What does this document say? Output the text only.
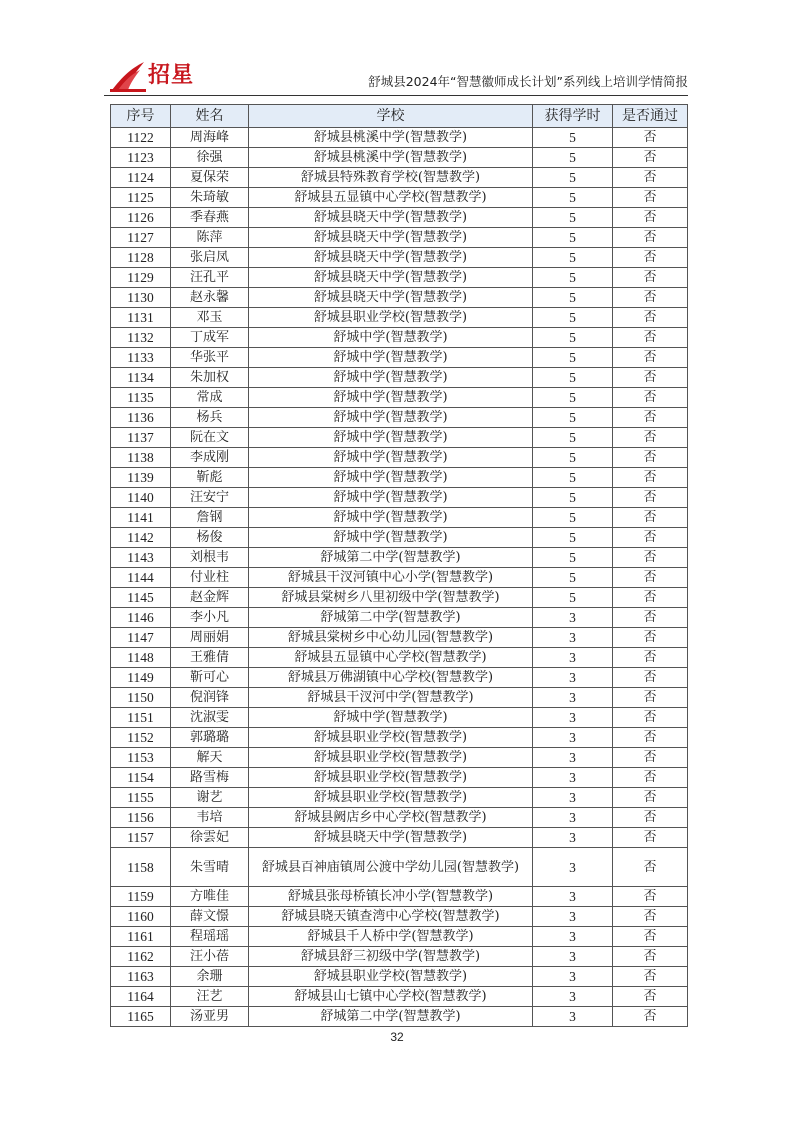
招星	舒城县2024年“智慧徽师成长计划”系列线上培训学情简报
序号	姓名	学校	获得学时	是否通过
1122	周海峰	舒城县桃溪中学(智慧教学)	5	否
1123	徐强	舒城县桃溪中学(智慧教学)	5	否
1124	夏保荣	舒城县特殊教育学校(智慧教学)	5	否
1125	朱琦敏	舒城县五显镇中心学校(智慧教学)	5	否
1126	季春燕	舒城县晓天中学(智慧教学)	5	否
1127	陈萍	舒城县晓天中学(智慧教学)	5	否
1128	张启凤	舒城县晓天中学(智慧教学)	5	否
1129	汪孔平	舒城县晓天中学(智慧教学)	5	否
1130	赵永馨	舒城县晓天中学(智慧教学)	5	否
1131	邓玉	舒城县职业学校(智慧教学)	5	否
1132	丁成军	舒城中学(智慧教学)	5	否
1133	华张平	舒城中学(智慧教学)	5	否
1134	朱加权	舒城中学(智慧教学)	5	否
1135	常成	舒城中学(智慧教学)	5	否
1136	杨兵	舒城中学(智慧教学)	5	否
1137	阮在文	舒城中学(智慧教学)	5	否
1138	李成刚	舒城中学(智慧教学)	5	否
1139	靳彪	舒城中学(智慧教学)	5	否
1140	汪安宁	舒城中学(智慧教学)	5	否
1141	詹钢	舒城中学(智慧教学)	5	否
1142	杨俊	舒城中学(智慧教学)	5	否
1143	刘根韦	舒城第二中学(智慧教学)	5	否
1144	付业柱	舒城县干汊河镇中心小学(智慧教学)	5	否
1145	赵金辉	舒城县棠树乡八里初级中学(智慧教学)	5	否
1146	李小凡	舒城第二中学(智慧教学)	3	否
1147	周丽娟	舒城县棠树乡中心幼儿园(智慧教学)	3	否
1148	王雅倩	舒城县五显镇中心学校(智慧教学)	3	否
1149	靳可心	舒城县万佛湖镇中心学校(智慧教学)	3	否
1150	倪润锋	舒城县干汊河中学(智慧教学)	3	否
1151	沈淑雯	舒城中学(智慧教学)	3	否
1152	郭璐璐	舒城县职业学校(智慧教学)	3	否
1153	解天	舒城县职业学校(智慧教学)	3	否
1154	路雪梅	舒城县职业学校(智慧教学)	3	否
1155	谢艺	舒城县职业学校(智慧教学)	3	否
1156	韦培	舒城县阙店乡中心学校(智慧教学)	3	否
1157	徐雲妃	舒城县晓天中学(智慧教学)	3	否
1158	朱雪晴	舒城县百神庙镇周公渡中学幼儿园(智慧教学)	3	否
1159	方唯佳	舒城县张母桥镇长冲小学(智慧教学)	3	否
1160	薛文憬	舒城县晓天镇查湾中心学校(智慧教学)	3	否
1161	程瑶瑶	舒城县千人桥中学(智慧教学)	3	否
1162	汪小蓓	舒城县舒三初级中学(智慧教学)	3	否
1163	余珊	舒城县职业学校(智慧教学)	3	否
1164	汪艺	舒城县山七镇中心学校(智慧教学)	3	否
1165	汤亚男	舒城第二中学(智慧教学)	3	否
32
